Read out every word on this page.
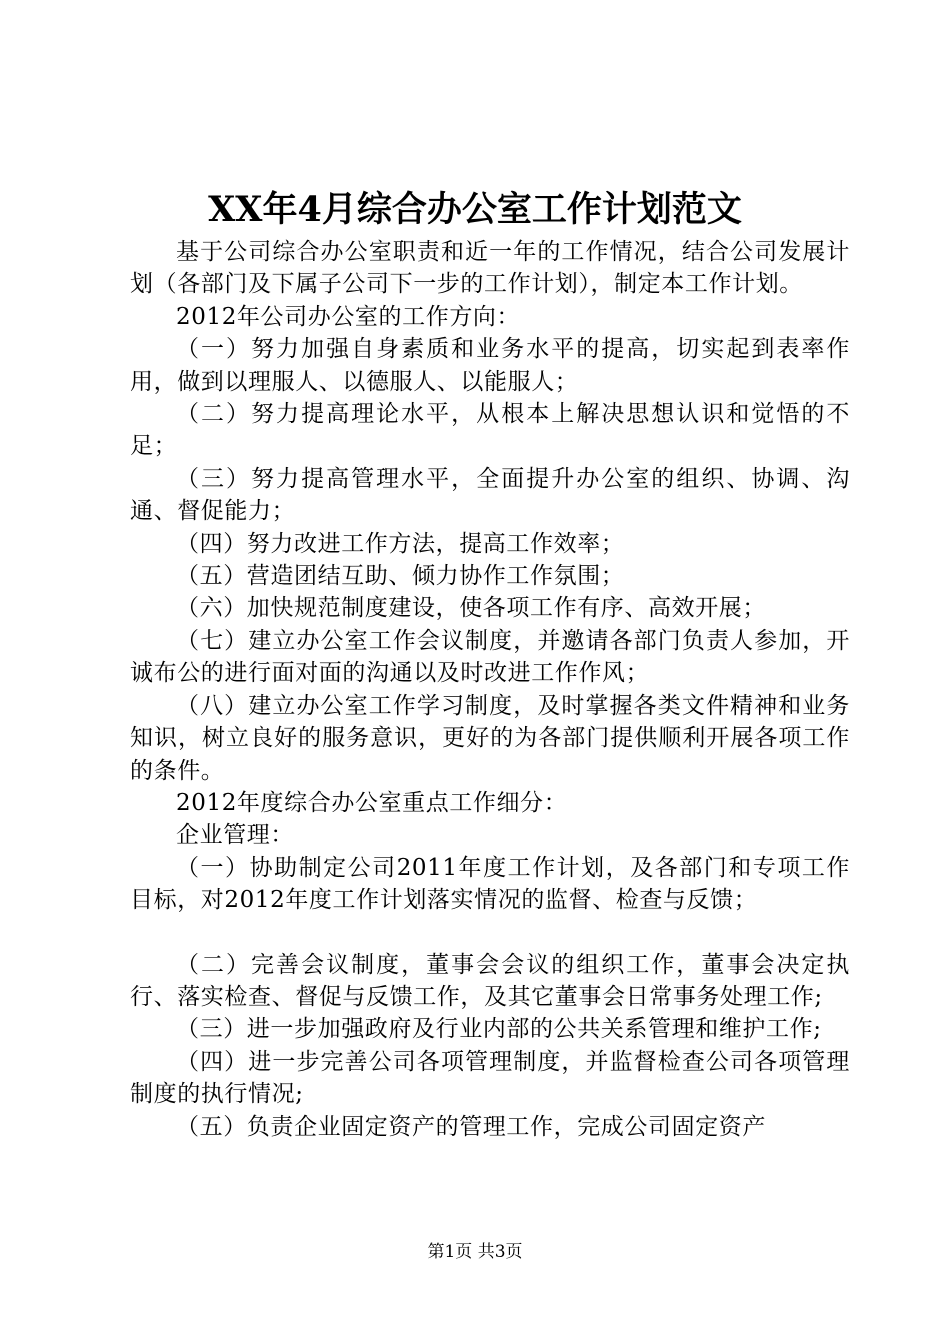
XX年4月综合办公室工作计划范文

基于公司综合办公室职责和近一年的工作情况，结合公司发展计划（各部门及下属子公司下一步的工作计划），制定本工作计划。

2012年公司办公室的工作方向：

（一）努力加强自身素质和业务水平的提高，切实起到表率作用，做到以理服人、以德服人、以能服人；

（二）努力提高理论水平，从根本上解决思想认识和觉悟的不足；

（三）努力提高管理水平，全面提升办公室的组织、协调、沟通、督促能力；

（四）努力改进工作方法，提高工作效率；

（五）营造团结互助、倾力协作工作氛围；

（六）加快规范制度建设，使各项工作有序、高效开展；

（七）建立办公室工作会议制度，并邀请各部门负责人参加，开诚布公的进行面对面的沟通以及时改进工作作风；

（八）建立办公室工作学习制度，及时掌握各类文件精神和业务知识，树立良好的服务意识，更好的为各部门提供顺利开展各项工作的条件。

2012年度综合办公室重点工作细分：

企业管理：

（一）协助制定公司2011年度工作计划，及各部门和专项工作目标，对2012年度工作计划落实情况的监督、检查与反馈；

（二）完善会议制度，董事会会议的组织工作，董事会决定执行、落实检查、督促与反馈工作，及其它董事会日常事务处理工作;

（三）进一步加强政府及行业内部的公共关系管理和维护工作;

（四）进一步完善公司各项管理制度，并监督检查公司各项管理制度的执行情况;

（五）负责企业固定资产的管理工作，完成公司固定资产

第1页 共3页
